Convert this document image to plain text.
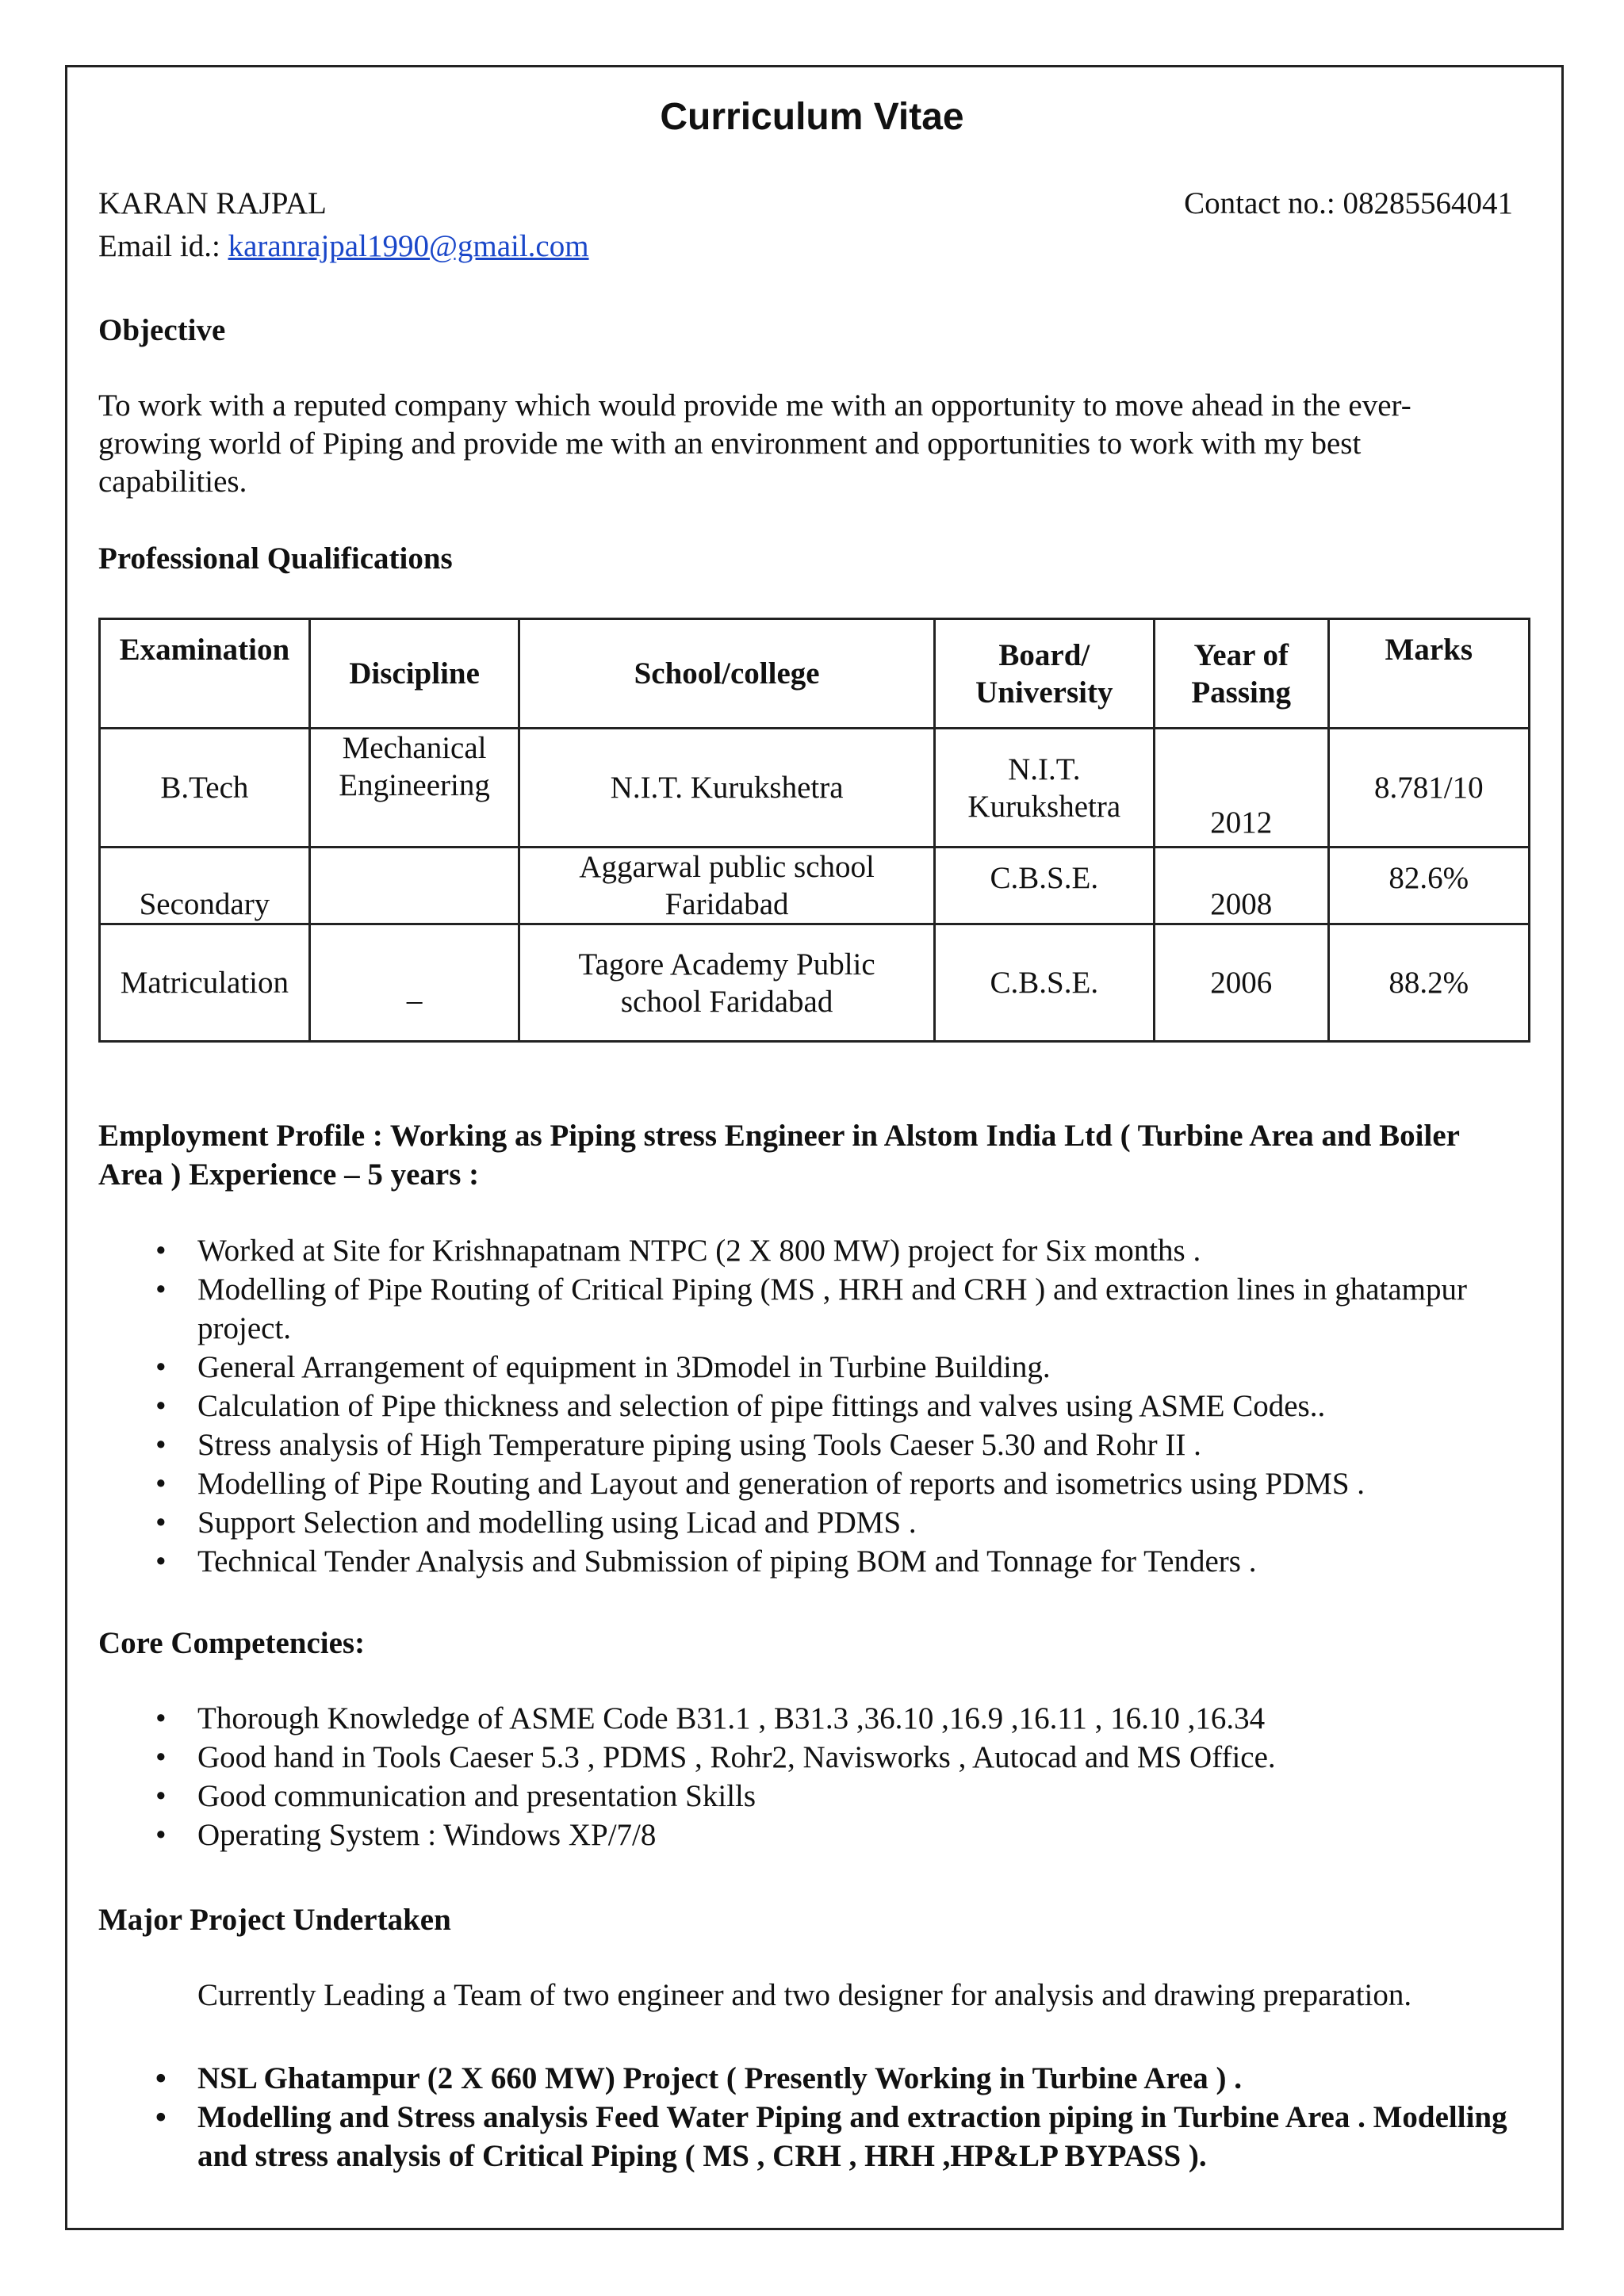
Curriculum Vitae
KARAN RAJPAL	Contact no.: 08285564041
Email id.: karanrajpal1990@gmail.com
Objective
To work with a reputed company which would provide me with an opportunity to move ahead in the ever-growing world of Piping and provide me with an environment and opportunities to work with my best capabilities.
Professional Qualifications
Examination	Discipline	School/college	Board/ University	Year of Passing	Marks
B.Tech	Mechanical Engineering	N.I.T. Kurukshetra	N.I.T. Kurukshetra	2012	8.781/10
Secondary		Aggarwal public school Faridabad	C.B.S.E.	2008	82.6%
Matriculation	_	Tagore Academy Public school Faridabad	C.B.S.E.	2006	88.2%
Employment Profile : Working as Piping stress Engineer in Alstom India Ltd ( Turbine Area and Boiler Area ) Experience – 5 years :
• Worked at Site for Krishnapatnam NTPC (2 X 800 MW) project for Six months .
• Modelling of Pipe Routing of Critical Piping (MS , HRH and CRH ) and extraction lines in ghatampur project.
• General Arrangement of equipment in 3Dmodel in Turbine Building.
• Calculation of Pipe thickness and selection of pipe fittings and valves using ASME Codes..
• Stress analysis of High Temperature piping using Tools Caeser 5.30 and Rohr II .
• Modelling of Pipe Routing and Layout and generation of reports and isometrics using PDMS .
• Support Selection and modelling using Licad and PDMS .
• Technical Tender Analysis and Submission of piping BOM and Tonnage for Tenders .
Core Competencies:
• Thorough Knowledge of ASME Code B31.1 , B31.3 ,36.10 ,16.9 ,16.11 , 16.10 ,16.34
• Good hand in Tools Caeser 5.3 , PDMS , Rohr2, Navisworks , Autocad and MS Office.
• Good communication and presentation Skills
• Operating System : Windows XP/7/8
Major Project Undertaken
Currently Leading a Team of two engineer and two designer for analysis and drawing preparation.
• NSL Ghatampur (2 X 660 MW) Project ( Presently Working in Turbine Area ) .
• Modelling and Stress analysis Feed Water Piping and extraction piping in Turbine Area . Modelling and stress analysis of Critical Piping ( MS , CRH , HRH ,HP&LP BYPASS ).
